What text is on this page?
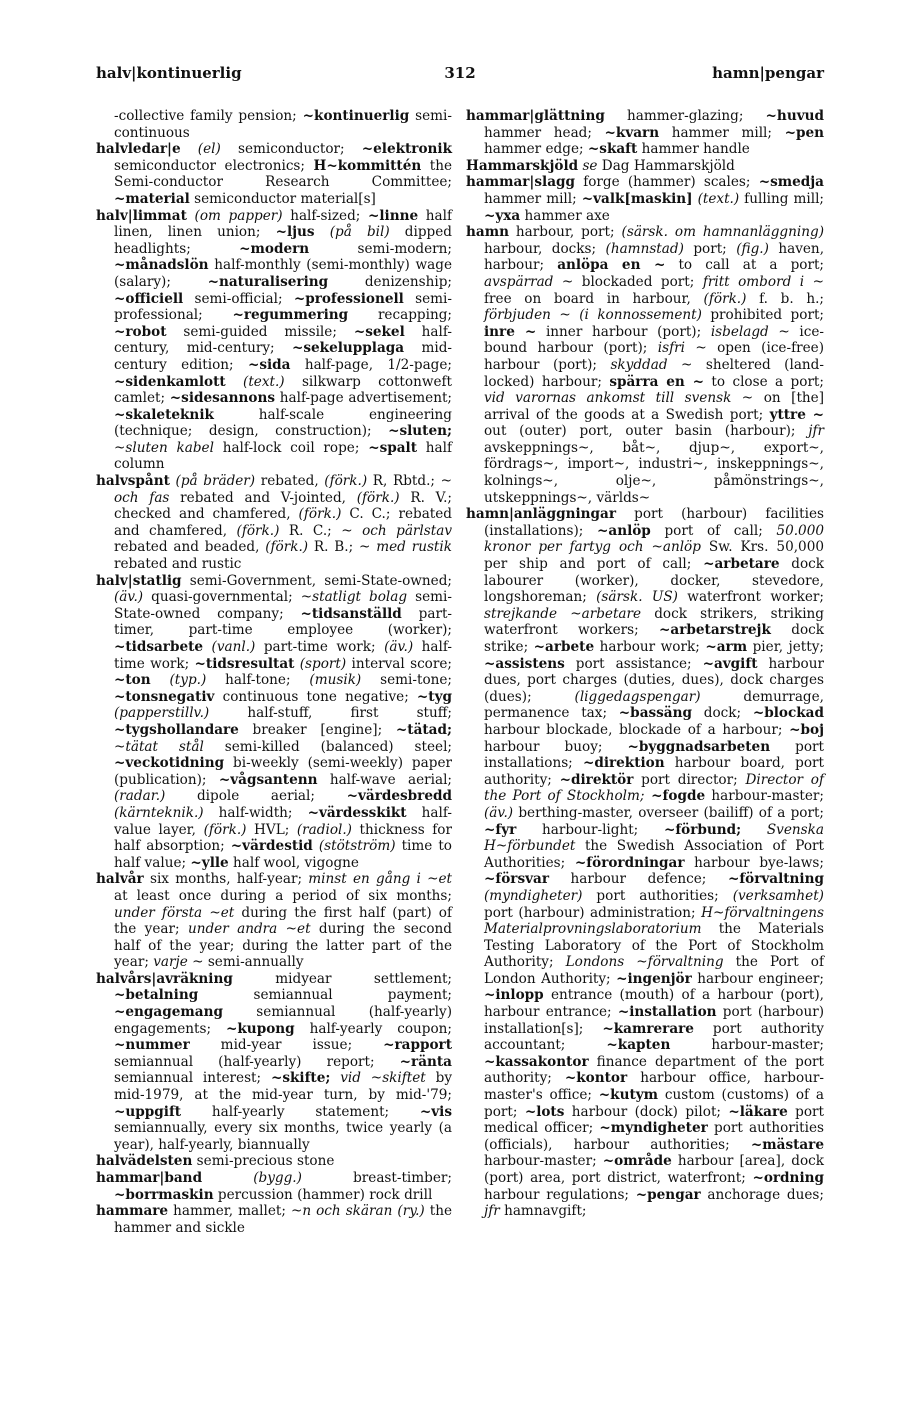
halv|kontinuerlig	312	hamn|pengar

-collective family pension; ~kontinuerlig semi-continuous

halvledar|e (el) semiconductor; ~elektronik semiconductor electronics; H~kommittén the Semi-conductor Research Committee; ~material semiconductor material[s]

halv|limmat (om papper) half-sized; ~linne half linen, linen union; ~ljus (på bil) dipped headlights; ~modern semi-modern; ~månadslön half-monthly (semi-monthly) wage (salary); ~naturalisering denizenship; ~officiell semi-official; ~professionell semi-professional; ~regummering recapping; ~robot semi-guided missile; ~sekel half-century, mid-century; ~sekelupplaga mid-century edition; ~sida half-page, 1/2-page; ~sidenkamlott (text.) silkwarp cottonweft camlet; ~sidesannons half-page advertisement; ~skaleteknik half-scale engineering (technique; design, construction); ~sluten; ~sluten kabel half-lock coil rope; ~spalt half column

halvspånt (på bräder) rebated, (förk.) R, Rbtd.; ~ och fas rebated and V-jointed, (förk.) R. V.; checked and chamfered, (förk.) C. C.; rebated and chamfered, (förk.) R. C.; ~ och pärlstav rebated and beaded, (förk.) R. B.; ~ med rustik rebated and rustic

halv|statlig semi-Government, semi-State-owned; (äv.) quasi-governmental; ~statligt bolag semi-State-owned company; ~tidsanställd part-timer, part-time employee (worker); ~tidsarbete (vanl.) part-time work; (äv.) half-time work; ~tidsresultat (sport) interval score; ~ton (typ.) half-tone; (musik) semi-tone; ~tonsnegativ continuous tone negative; ~tyg (papperstillv.) half-stuff, first stuff; ~tygshollandare breaker [engine]; ~tätad; ~tätat stål semi-killed (balanced) steel; ~veckotidning bi-weekly (semi-weekly) paper (publication); ~vågsantenn half-wave aerial; (radar.) dipole aerial; ~värdesbredd (kärnteknik.) half-width; ~värdesskikt half-value layer, (förk.) HVL; (radiol.) thickness for half absorption; ~värdestid (stötström) time to half value; ~ylle half wool, vigogne

halvår six months, half-year; minst en gång i ~et at least once during a period of six months; under första ~et during the first half (part) of the year; under andra ~et during the second half of the year; during the latter part of the year; varje ~ semi-annually

halvårs|avräkning midyear settlement; ~betalning semiannual payment; ~engagemang semiannual (half-yearly) engagements; ~kupong half-yearly coupon; ~nummer mid-year issue; ~rapport semiannual (half-yearly) report; ~ränta semiannual interest; ~skifte; vid ~skiftet by mid-1979, at the mid-year turn, by mid-'79; ~uppgift half-yearly statement; ~vis semiannually, every six months, twice yearly (a year), half-yearly, biannually

halvädelsten semi-precious stone

hammar|band (bygg.) breast-timber; ~borrmaskin percussion (hammer) rock drill

hammare hammer, mallet; ~n och skäran (ry.) the hammer and sickle

hammar|glättning hammer-glazing; ~huvud hammer head; ~kvarn hammer mill; ~pen hammer edge; ~skaft hammer handle

Hammarskjöld se Dag Hammarskjöld

hammar|slagg forge (hammer) scales; ~smedja hammer mill; ~valk[maskin] (text.) fulling mill; ~yxa hammer axe

hamn harbour, port; (särsk. om hamnanläggning) harbour, docks; (hamnstad) port; (fig.) haven, harbour; anlöpa en ~ to call at a port; avspärrad ~ blockaded port; fritt ombord i ~ free on board in harbour, (förk.) f. b. h.; förbjuden ~ (i konnossement) prohibited port; inre ~ inner harbour (port); isbelagd ~ ice-bound harbour (port); isfri ~ open (ice-free) harbour (port); skyddad ~ sheltered (land-locked) harbour; spärra en ~ to close a port; vid varornas ankomst till svensk ~ on [the] arrival of the goods at a Swedish port; yttre ~ out (outer) port, outer basin (harbour); jfr avskeppnings~, båt~, djup~, export~, fördrags~, import~, industri~, inskeppnings~, kolnings~, olje~, påmönstrings~, utskeppnings~, världs~

hamn|anläggningar port (harbour) facilities (installations); ~anlöp port of call; 50.000 kronor per fartyg och ~anlöp Sw. Krs. 50,000 per ship and port of call; ~arbetare dock labourer (worker), docker, stevedore, longshoreman; (särsk. US) waterfront worker; strejkande ~arbetare dock strikers, striking waterfront workers; ~arbetarstrejk dock strike; ~arbete harbour work; ~arm pier, jetty; ~assistens port assistance; ~avgift harbour dues, port charges (duties, dues), dock charges (dues); (liggedagspengar) demurrage, permanence tax; ~bassäng dock; ~blockad harbour blockade, blockade of a harbour; ~boj harbour buoy; ~byggnadsarbeten port installations; ~direktion harbour board, port authority; ~direktör port director; Director of the Port of Stockholm; ~fogde harbour-master; (äv.) berthing-master, overseer (bailiff) of a port; ~fyr harbour-light; ~förbund; Svenska H~förbundet the Swedish Association of Port Authorities; ~förordningar harbour bye-laws; ~försvar harbour defence; ~förvaltning (myndigheter) port authorities; (verksamhet) port (harbour) administration; H~förvaltningens Materialprovningslaboratorium the Materials Testing Laboratory of the Port of Stockholm Authority; Londons ~förvaltning the Port of London Authority; ~ingenjör harbour engineer; ~inlopp entrance (mouth) of a harbour (port), harbour entrance; ~installation port (harbour) installation[s]; ~kamrerare port authority accountant; ~kapten harbour-master; ~kassakontor finance department of the port authority; ~kontor harbour office, harbour-master's office; ~kutym custom (customs) of a port; ~lots harbour (dock) pilot; ~läkare port medical officer; ~myndigheter port authorities (officials), harbour authorities; ~mästare harbour-master; ~område harbour [area], dock (port) area, port district, waterfront; ~ordning harbour regulations; ~pengar anchorage dues; jfr hamnavgift;
